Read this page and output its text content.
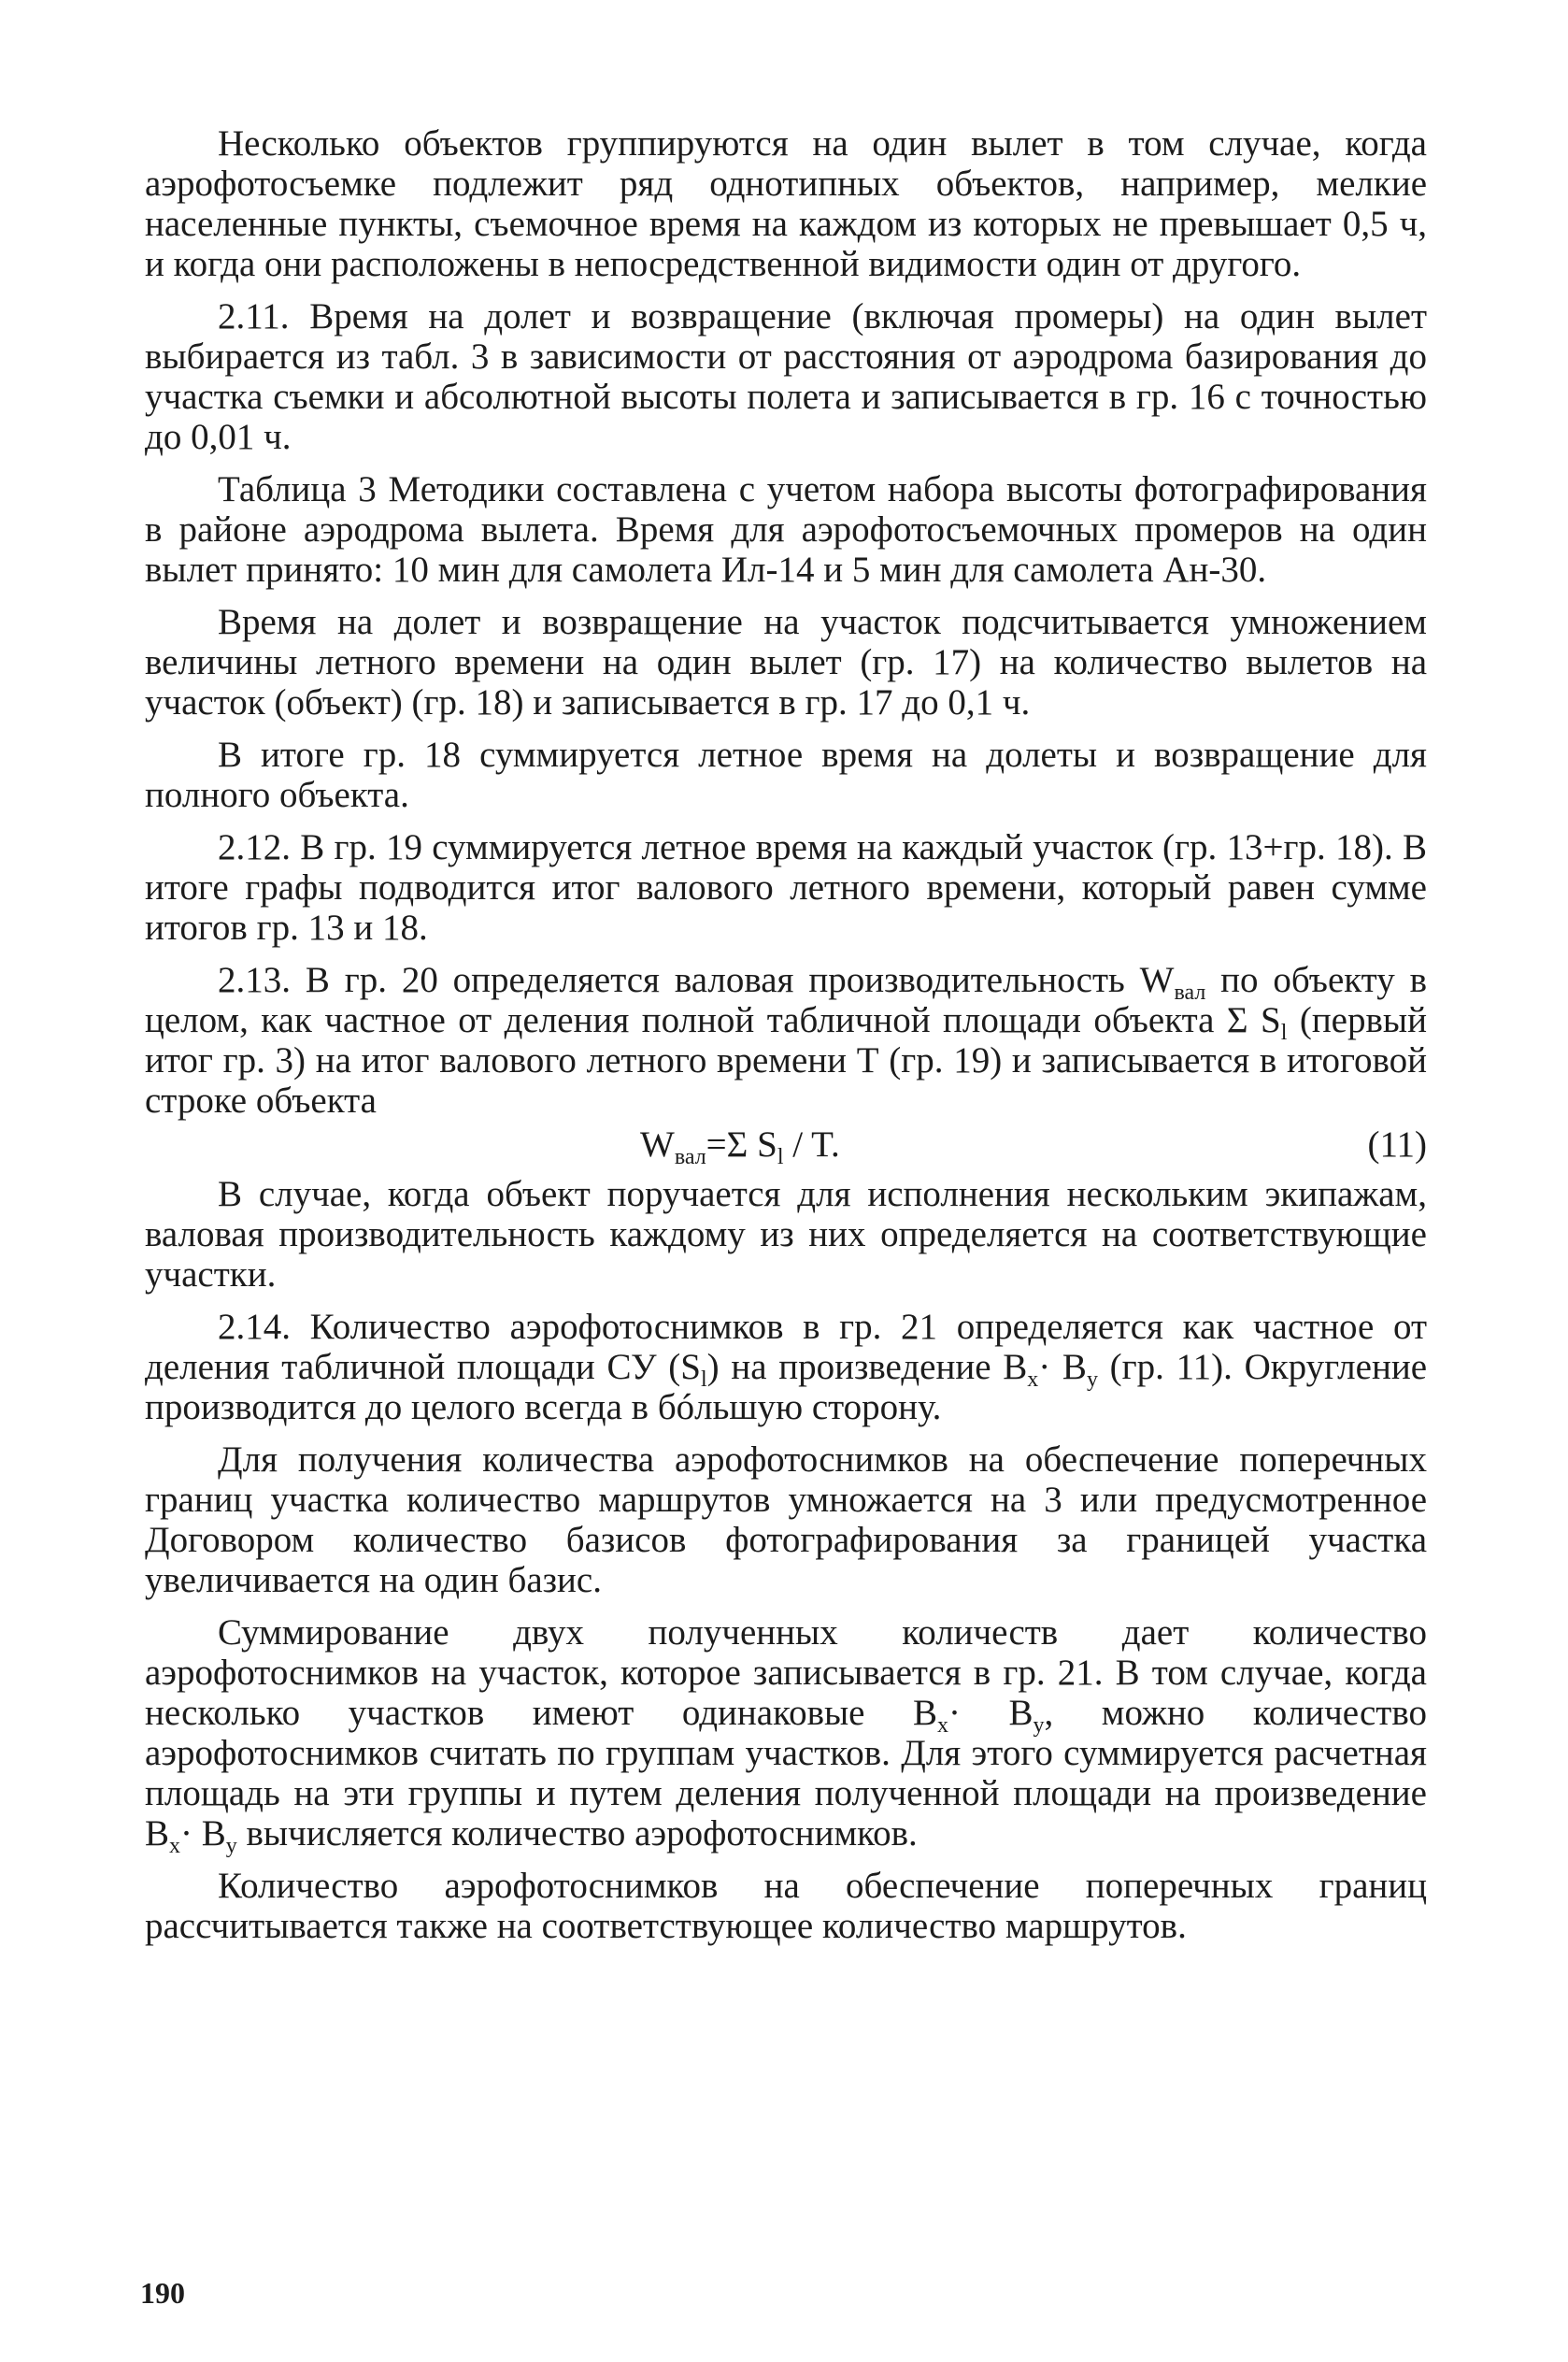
Несколько объектов группируются на один вылет в том случае, когда аэрофотосъемке подлежит ряд однотипных объектов, например, мелкие населенные пункты, съемочное время на каждом из которых не превышает 0,5 ч, и когда они расположены в непосредственной видимости один от другого.

2.11. Время на долет и возвращение (включая промеры) на один вылет выбирается из табл. 3 в зависимости от расстояния от аэродрома базирования до участка съемки и абсолютной высоты полета и записывается в гр. 16 с точностью до 0,01 ч.

Таблица 3 Методики составлена с учетом набора высоты фотографирования в районе аэродрома вылета. Время для аэрофотосъемочных промеров на один вылет принято: 10 мин для самолета Ил-14 и 5 мин для самолета Ан-30.

Время на долет и возвращение на участок подсчитывается умножением величины летного времени на один вылет (гр. 17) на количество вылетов на участок (объект) (гр. 18) и записывается в гр. 17 до 0,1 ч.

В итоге гр. 18 суммируется летное время на долеты и возвращение для полного объекта.

2.12. В гр. 19 суммируется летное время на каждый участок (гр. 13+гр. 18). В итоге графы подводится итог валового летного времени, который равен сумме итогов гр. 13 и 18.

2.13. В гр. 20 определяется валовая производительность $W_{вал}$ по объекту в целом, как частное от деления полной табличной площади объекта Σ $S_l$ (первый итог гр. 3) на итог валового летного времени Т (гр. 19) и записывается в итоговой строке объекта

$W_{вал}=\Sigma$ $S_l$ / T.	(11)

В случае, когда объект поручается для исполнения нескольким экипажам, валовая производительность каждому из них определяется на соответствующие участки.

2.14. Количество аэрофотоснимков в гр. 21 определяется как частное от деления табличной площади СУ $(S_l)$ на произведение $В_x\cdot В_y$ (гр. 11). Округление производится до целого всегда в бóльшую сторону.

Для получения количества аэрофотоснимков на обеспечение поперечных границ участка количество маршрутов умножается на 3 или предусмотренное Договором количество базисов фотографирования за границей участка увеличивается на один базис.

Суммирование двух полученных количеств дает количество аэрофотоснимков на участок, которое записывается в гр. 21. В том случае, когда несколько участков имеют одинаковые $В_x\cdot В_y$, можно количество аэрофотоснимков считать по группам участков. Для этого суммируется расчетная площадь на эти группы и путем деления полученной площади на произведение $В_x\cdot В_y$ вычисляется количество аэрофотоснимков.

Количество аэрофотоснимков на обеспечение поперечных границ рассчитывается также на соответствующее количество маршрутов.

190
